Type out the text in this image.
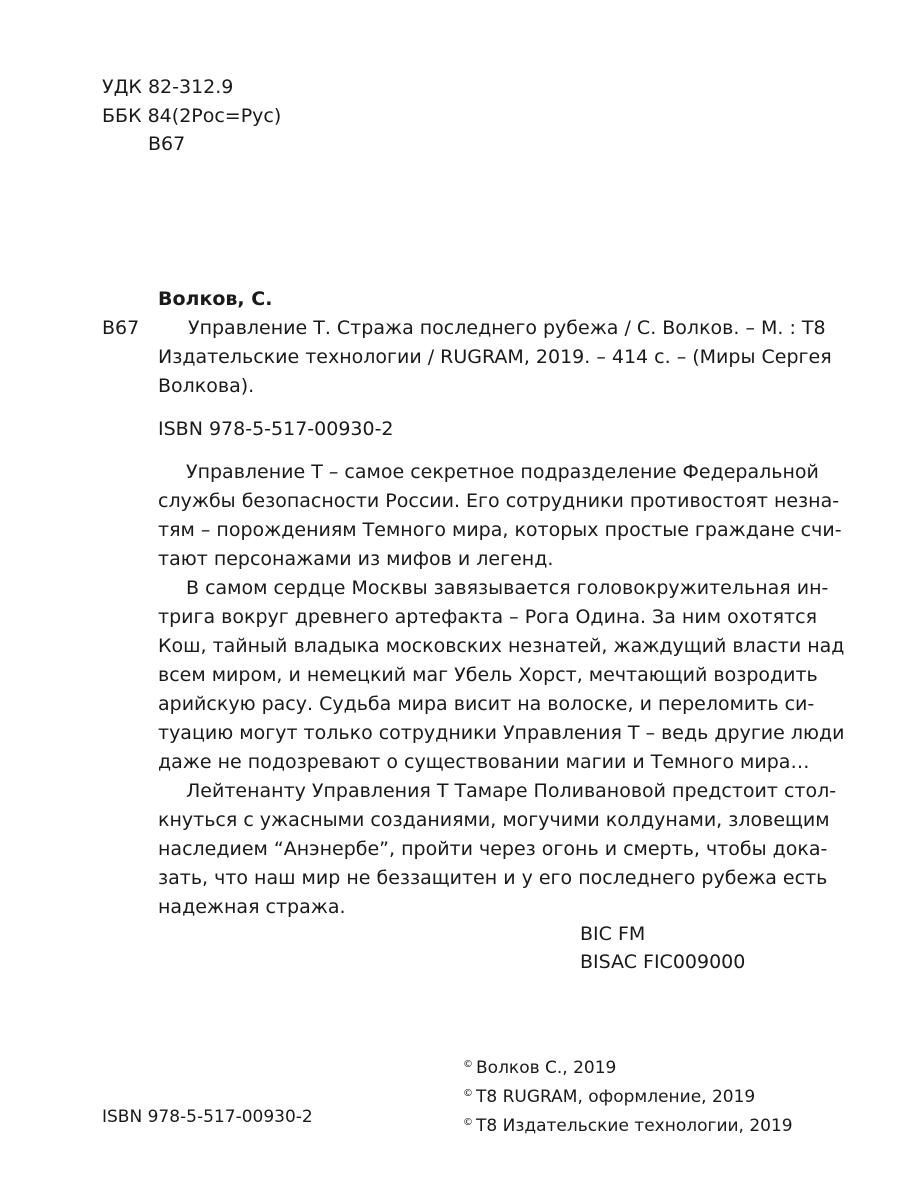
УДК 82-312.9
ББК 84(2Рос=Рус)
В67
Волков, С.
В67	Управление Т. Стража последнего рубежа / С. Волков. – М. : Т8
Издательские технологии / RUGRAM, 2019. – 414 с. – (Миры Сергея
Волкова).
ISBN 978-5-517-00930-2

Управление Т – самое секретное подразделение Федеральной
службы безопасности России. Его сотрудники противостоят незна-
тям – порождениям Темного мира, которых простые граждане счи-
тают персонажами из мифов и легенд.

В самом сердце Москвы завязывается головокружительная ин-
трига вокруг древнего артефакта – Рога Одина. За ним охотятся
Кош, тайный владыка московских незнатей, жаждущий власти над
всем миром, и немецкий маг Убель Хорст, мечтающий возродить
арийскую расу. Судьба мира висит на волоске, и переломить си-
туацию могут только сотрудники Управления Т – ведь другие люди
даже не подозревают о существовании магии и Темного мира…

Лейтенанту Управления Т Тамаре Поливановой предстоит стол-
кнуться с ужасными созданиями, могучими колдунами, зловещим
наследием “Анэнербе”, пройти через огонь и смерть, чтобы дока-
зать, что наш мир не беззащитен и у его последнего рубежа есть
надежная стража.

BIC FM
BISAC FIC009000
© Волков С., 2019
© Т8 RUGRAM, оформление, 2019
© Т8 Издательские технологии, 2019
ISBN 978-5-517-00930-2
